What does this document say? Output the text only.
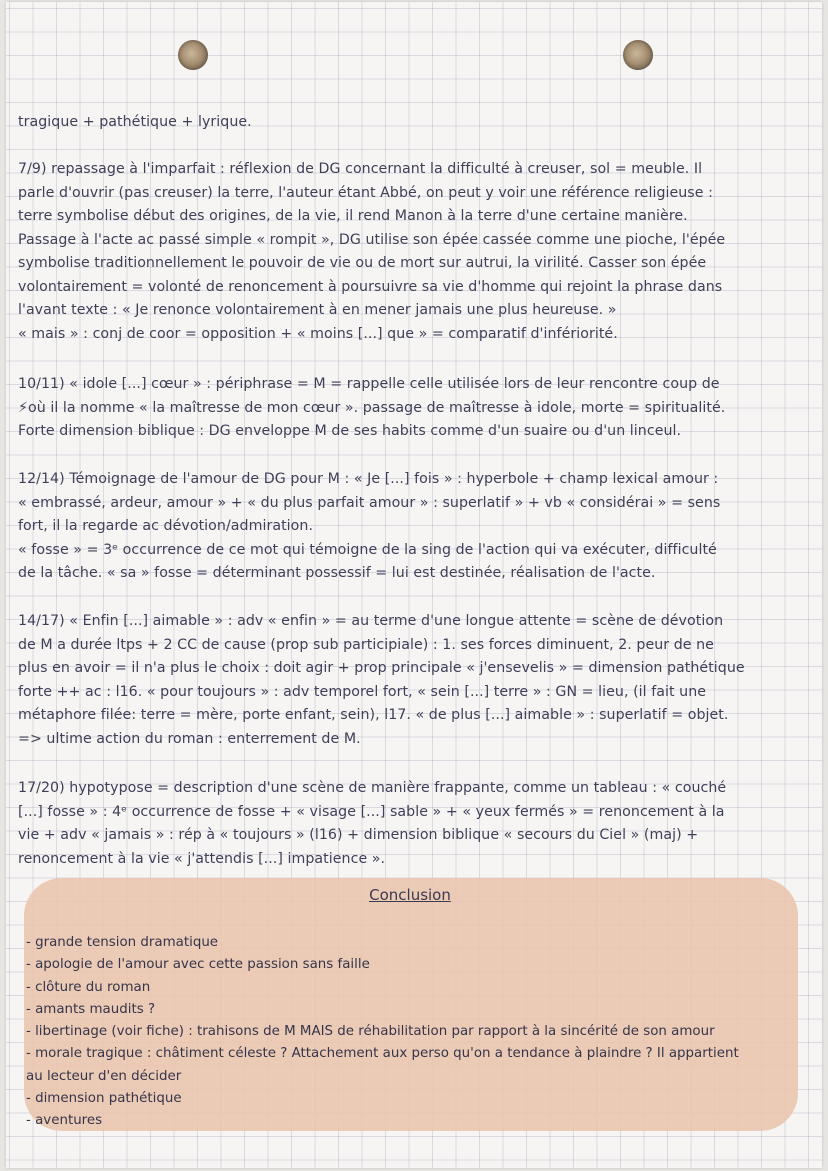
tragique + pathétique + lyrique.

7/9) repassage à l'imparfait : réflexion de DG concernant la difficulté à creuser, sol = meuble. Il
parle d'ouvrir (pas creuser) la terre, l'auteur étant Abbé, on peut y voir une référence religieuse :
terre symbolise début des origines, de la vie, il rend Manon à la terre d'une certaine manière.
Passage à l'acte ac passé simple « rompit », DG utilise son épée cassée comme une pioche, l'épée
symbolise traditionnellement le pouvoir de vie ou de mort sur autrui, la virilité. Casser son épée
volontairement = volonté de renoncement à poursuivre sa vie d'homme qui rejoint la phrase dans
l'avant texte : « Je renonce volontairement à en mener jamais une plus heureuse. »
« mais » : conj de coor = opposition + « moins [...] que » = comparatif d'infériorité.

10/11) « idole [...] cœur » : périphrase = M = rappelle celle utilisée lors de leur rencontre coup de
⚡où il la nomme « la maîtresse de mon cœur ». passage de maîtresse à idole, morte = spiritualité.
Forte dimension biblique : DG enveloppe M de ses habits comme d'un suaire ou d'un linceul.

12/14) Témoignage de l'amour de DG pour M : « Je [...] fois » : hyperbole + champ lexical amour :
« embrassé, ardeur, amour » + « du plus parfait amour » : superlatif » + vb « considérai » = sens
fort, il la regarde ac dévotion/admiration.
« fosse » = 3ᵉ occurrence de ce mot qui témoigne de la sing de l'action qui va exécuter, difficulté
de la tâche. « sa » fosse = déterminant possessif = lui est destinée, réalisation de l'acte.

14/17) « Enfin [...] aimable » : adv « enfin » = au terme d'une longue attente = scène de dévotion
de M a durée ltps + 2 CC de cause (prop sub participiale) : 1. ses forces diminuent, 2. peur de ne
plus en avoir = il n'a plus le choix : doit agir + prop principale « j'ensevelis » = dimension pathétique
forte ++ ac : l16. « pour toujours » : adv temporel fort, « sein [...] terre » : GN = lieu, (il fait une
métaphore filée: terre = mère, porte enfant, sein), l17. « de plus [...] aimable » : superlatif = objet.
=> ultime action du roman : enterrement de M.

17/20) hypotypose = description d'une scène de manière frappante, comme un tableau : « couché
[...] fosse » : 4ᵉ occurrence de fosse + « visage [...] sable » + « yeux fermés » = renoncement à la
vie + adv « jamais » : rép à « toujours » (l16) + dimension biblique « secours du Ciel » (maj) +
renoncement à la vie « j'attendis [...] impatience ».

Conclusion
- grande tension dramatique
- apologie de l'amour avec cette passion sans faille
- clôture du roman
- amants maudits ?
- libertinage (voir fiche) : trahisons de M MAIS de réhabilitation par rapport à la sincérité de son amour
- morale tragique : châtiment céleste ? Attachement aux perso qu'on a tendance à plaindre ? Il appartient
au lecteur d'en décider
- dimension pathétique
- aventures
